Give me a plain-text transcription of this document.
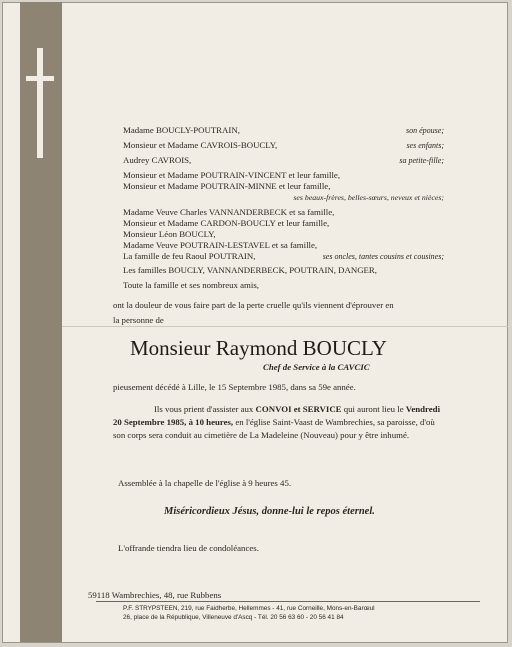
Madame BOUCLY-POUTRAIN,	son épouse;
Monsieur et Madame CAVROIS-BOUCLY,	ses enfants;
Audrey CAVROIS,	sa petite-fille;
Monsieur et Madame POUTRAIN-VINCENT et leur famille,
Monsieur et Madame POUTRAIN-MINNE et leur famille,
ses beaux-frères, belles-sœurs, neveux et nièces;
Madame Veuve Charles VANNANDERBECK et sa famille,
Monsieur et Madame CARDON-BOUCLY et leur famille,
Monsieur Léon BOUCLY,
Madame Veuve POUTRAIN-LESTAVEL et sa famille,
La famille de feu Raoul POUTRAIN,	ses oncles, tantes cousins et cousines;
Les familles BOUCLY, VANNANDERBECK, POUTRAIN, DANGER,
Toute la famille et ses nombreux amis,
ont la douleur de vous faire part de la perte cruelle qu'ils viennent d'éprouver en
la personne de
Monsieur Raymond BOUCLY
Chef de Service à la CAVCIC
pieusement décédé à Lille, le 15 Septembre 1985, dans sa 59e année.
Ils vous prient d'assister aux CONVOI et SERVICE qui auront lieu le Vendredi 20 Septembre 1985, à 10 heures, en l'église Saint-Vaast de Wambrechies, sa paroisse, d'où son corps sera conduit au cimetière de La Madeleine (Nouveau) pour y être inhumé.
Assemblée à la chapelle de l'église à 9 heures 45.
Miséricordieux Jésus, donne-lui le repos éternel.
L'offrande tiendra lieu de condoléances.
59118 Wambrechies, 48, rue Rubbens
P.F. STRYPSTEEN, 219, rue Faidherbe, Hellemmes - 41, rue Corneille, Mons-en-Barœul
26, place de la République, Villeneuve d'Ascq - Tél. 20 56 63 60 - 20 56 41 84
